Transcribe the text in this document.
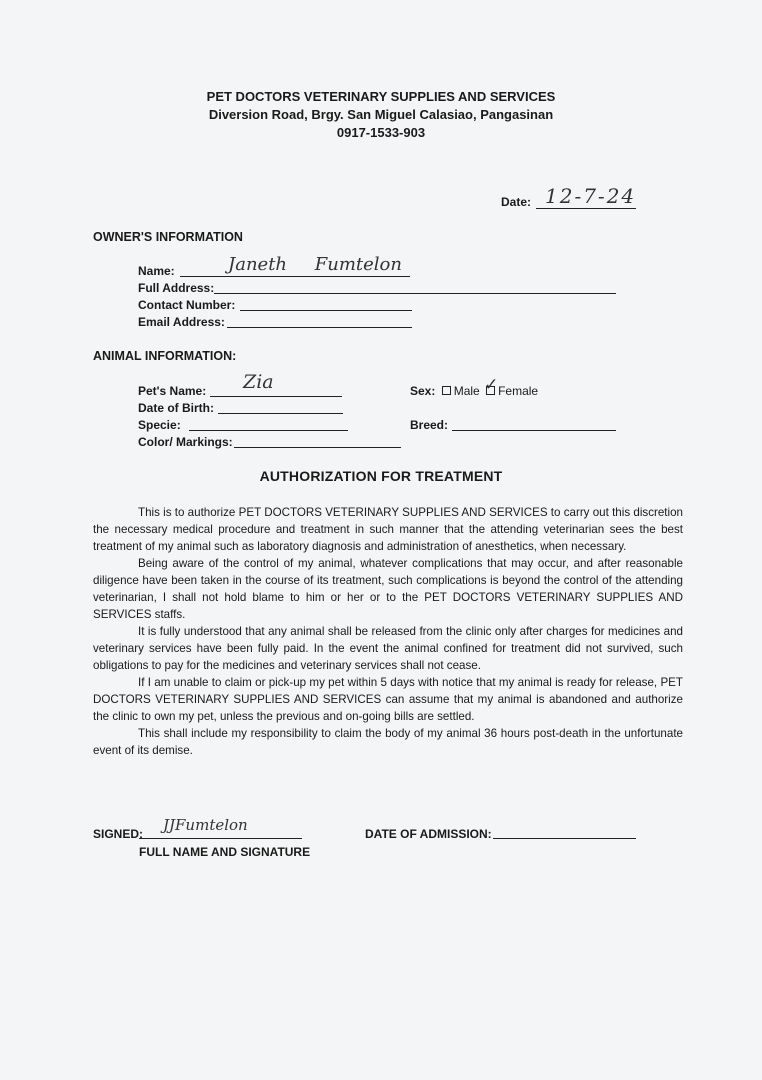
PET DOCTORS VETERINARY SUPPLIES AND SERVICES
Diversion Road, Brgy. San Miguel Calasiao, Pangasinan
0917-1533-903
Date: 12-7-24
OWNER'S INFORMATION
Name:	Janeth Fumtelon
Full Address:
Contact Number:
Email Address:
ANIMAL INFORMATION:
Pet's Name: Zia
Date of Birth:
Specie:
Color/ Markings:
Sex: Male Female
✓
Breed:
AUTHORIZATION FOR TREATMENT

This is to authorize PET DOCTORS VETERINARY SUPPLIES AND SERVICES to carry out this discretion the necessary medical procedure and treatment in such manner that the attending veterinarian sees the best treatment of my animal such as laboratory diagnosis and administration of anesthetics, when necessary.

Being aware of the control of my animal, whatever complications that may occur, and after reasonable diligence have been taken in the course of its treatment, such complications is beyond the control of the attending veterinarian, I shall not hold blame to him or her or to the PET DOCTORS VETERINARY SUPPLIES AND SERVICES staffs.

It is fully understood that any animal shall be released from the clinic only after charges for medicines and veterinary services have been fully paid. In the event the animal confined for treatment did not survived, such obligations to pay for the medicines and veterinary services shall not cease.

If I am unable to claim or pick-up my pet within 5 days with notice that my animal is ready for release, PET DOCTORS VETERINARY SUPPLIES AND SERVICES can assume that my animal is abandoned and authorize the clinic to own my pet, unless the previous and on-going bills are settled.

This shall include my responsibility to claim the body of my animal 36 hours post-death in the unfortunate event of its demise.

SIGNED: JJFumtelon
FULL NAME AND SIGNATURE
DATE OF ADMISSION:
